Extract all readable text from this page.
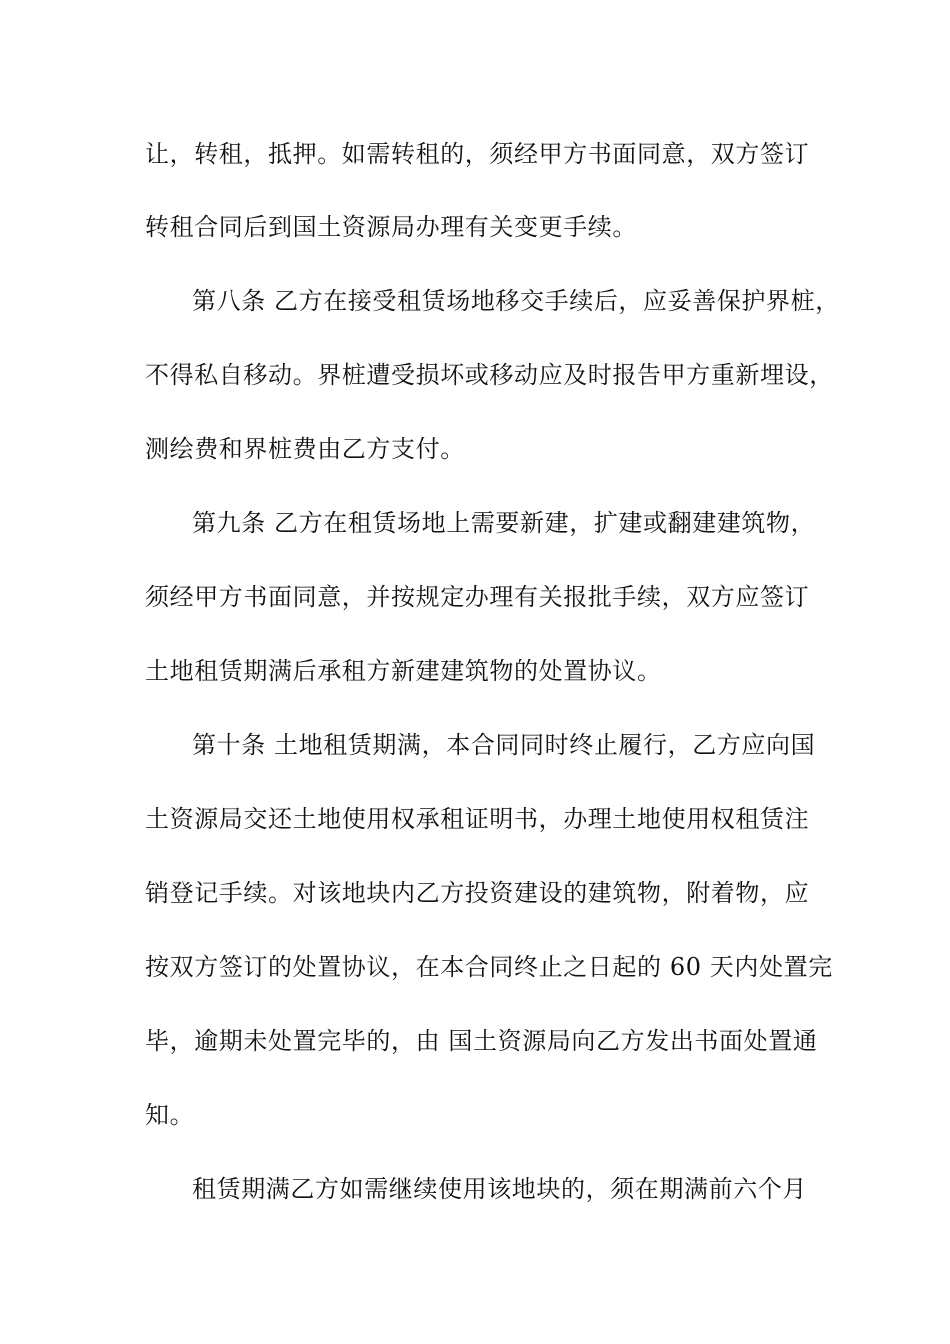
让，转租，抵押。如需转租的，须经甲方书面同意，双方签订
转租合同后到国土资源局办理有关变更手续。
第八条 乙方在接受租赁场地移交手续后，应妥善保护界桩，
不得私自移动。界桩遭受损坏或移动应及时报告甲方重新埋设，
测绘费和界桩费由乙方支付。
第九条 乙方在租赁场地上需要新建，扩建或翻建建筑物，
须经甲方书面同意，并按规定办理有关报批手续，双方应签订
土地租赁期满后承租方新建建筑物的处置协议。
第十条 土地租赁期满，本合同同时终止履行，乙方应向国
土资源局交还土地使用权承租证明书，办理土地使用权租赁注
销登记手续。对该地块内乙方投资建设的建筑物，附着物，应
按双方签订的处置协议，在本合同终止之日起的 60 天内处置完
毕，逾期未处置完毕的，由 国土资源局向乙方发出书面处置通
知。
租赁期满乙方如需继续使用该地块的，须在期满前六个月
